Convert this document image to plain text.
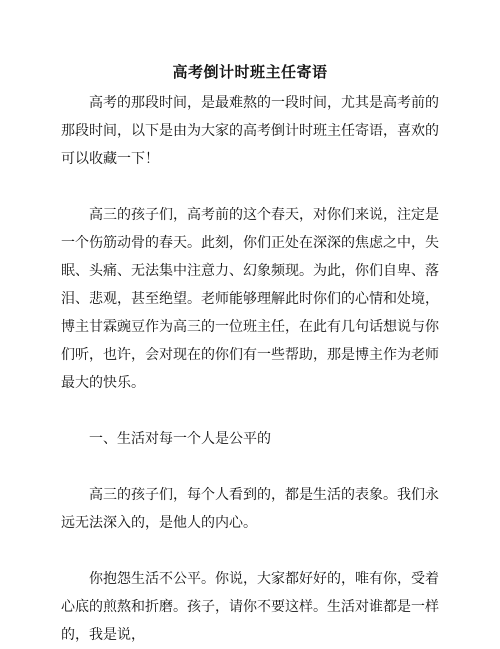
高考倒计时班主任寄语

高考的那段时间，是最难熬的一段时间，尤其是高考前的那段时间，以下是由为大家的高考倒计时班主任寄语，喜欢的可以收藏一下！

高三的孩子们，高考前的这个春天，对你们来说，注定是一个伤筋动骨的春天。此刻，你们正处在深深的焦虑之中，失眠、头痛、无法集中注意力、幻象频现。为此，你们自卑、落泪、悲观，甚至绝望。老师能够理解此时你们的心情和处境，博主甘霖豌豆作为高三的一位班主任，在此有几句话想说与你们听，也许，会对现在的你们有一些帮助，那是博主作为老师最大的快乐。

一、生活对每一个人是公平的

高三的孩子们，每个人看到的，都是生活的表象。我们永远无法深入的，是他人的内心。

你抱怨生活不公平。你说，大家都好好的，唯有你，受着心底的煎熬和折磨。孩子，请你不要这样。生活对谁都是一样的，我是说，
